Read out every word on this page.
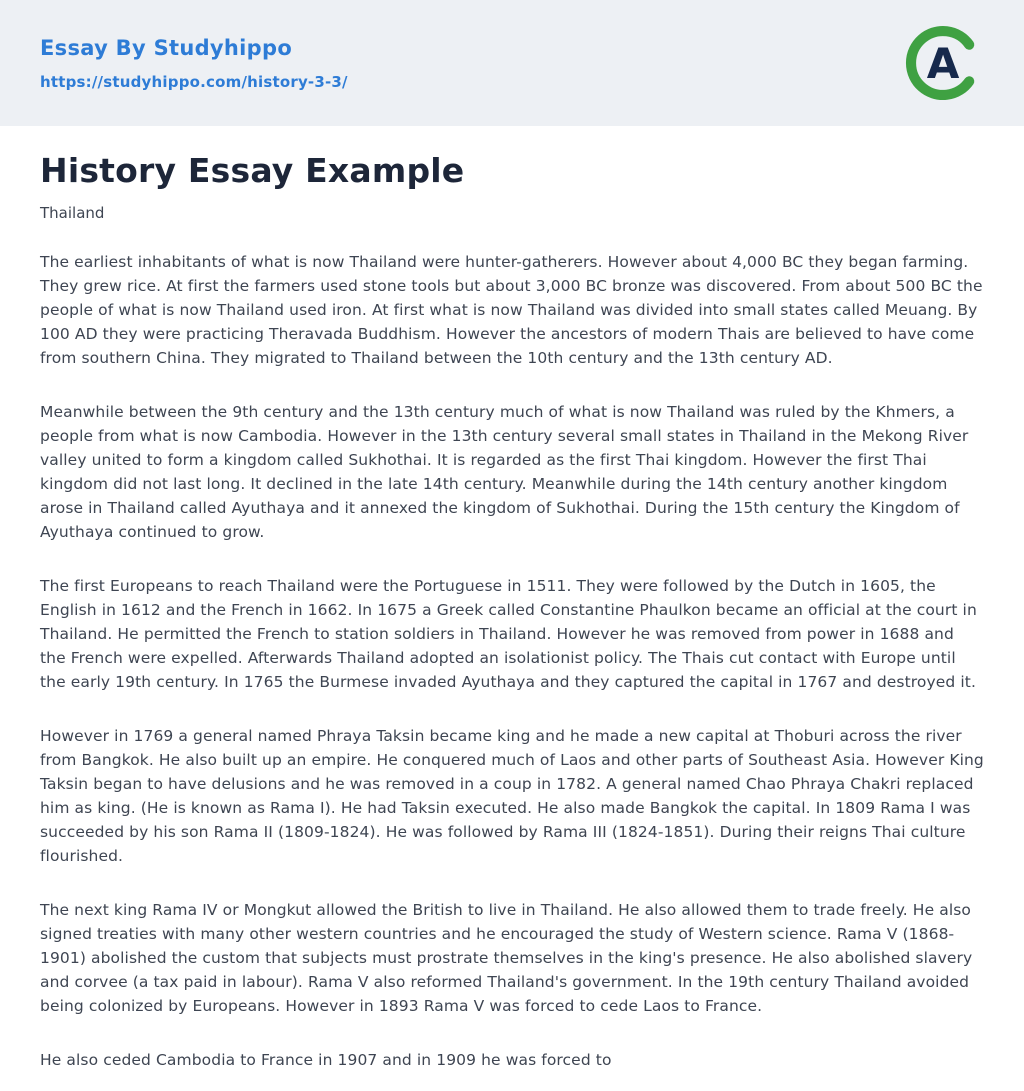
Essay By Studyhippo
https://studyhippo.com/history-3-3/	A
History Essay Example

Thailand

The earliest inhabitants of what is now Thailand were hunter-gatherers. However about 4,000 BC they began farming. They grew rice. At first the farmers used stone tools but about 3,000 BC bronze was discovered. From about 500 BC the people of what is now Thailand used iron. At first what is now Thailand was divided into small states called Meuang. By 100 AD they were practicing Theravada Buddhism. However the ancestors of modern Thais are believed to have come from southern China. They migrated to Thailand between the 10th century and the 13th century AD.

Meanwhile between the 9th century and the 13th century much of what is now Thailand was ruled by the Khmers, a people from what is now Cambodia. However in the 13th century several small states in Thailand in the Mekong River valley united to form a kingdom called Sukhothai. It is regarded as the first Thai kingdom. However the first Thai kingdom did not last long. It declined in the late 14th century. Meanwhile during the 14th century another kingdom arose in Thailand called Ayuthaya and it annexed the kingdom of Sukhothai. During the 15th century the Kingdom of Ayuthaya continued to grow.

The first Europeans to reach Thailand were the Portuguese in 1511. They were followed by the Dutch in 1605, the English in 1612 and the French in 1662. In 1675 a Greek called Constantine Phaulkon became an official at the court in Thailand. He permitted the French to station soldiers in Thailand. However he was removed from power in 1688 and the French were expelled. Afterwards Thailand adopted an isolationist policy. The Thais cut contact with Europe until the early 19th century. In 1765 the Burmese invaded Ayuthaya and they captured the capital in 1767 and destroyed it.

However in 1769 a general named Phraya Taksin became king and he made a new capital at Thoburi across the river from Bangkok. He also built up an empire. He conquered much of Laos and other parts of Southeast Asia. However King Taksin began to have delusions and he was removed in a coup in 1782. A general named Chao Phraya Chakri replaced him as king. (He is known as Rama I). He had Taksin executed. He also made Bangkok the capital. In 1809 Rama I was succeeded by his son Rama II (1809-1824). He was followed by Rama III (1824-1851). During their reigns Thai culture flourished.

The next king Rama IV or Mongkut allowed the British to live in Thailand. He also allowed them to trade freely. He also signed treaties with many other western countries and he encouraged the study of Western science. Rama V (1868-1901) abolished the custom that subjects must prostrate themselves in the king's presence. He also abolished slavery and corvee (a tax paid in labour). Rama V also reformed Thailand's government. In the 19th century Thailand avoided being colonized by Europeans. However in 1893 Rama V was forced to cede Laos to France.

He also ceded Cambodia to France in 1907 and in 1909 he was forced to
